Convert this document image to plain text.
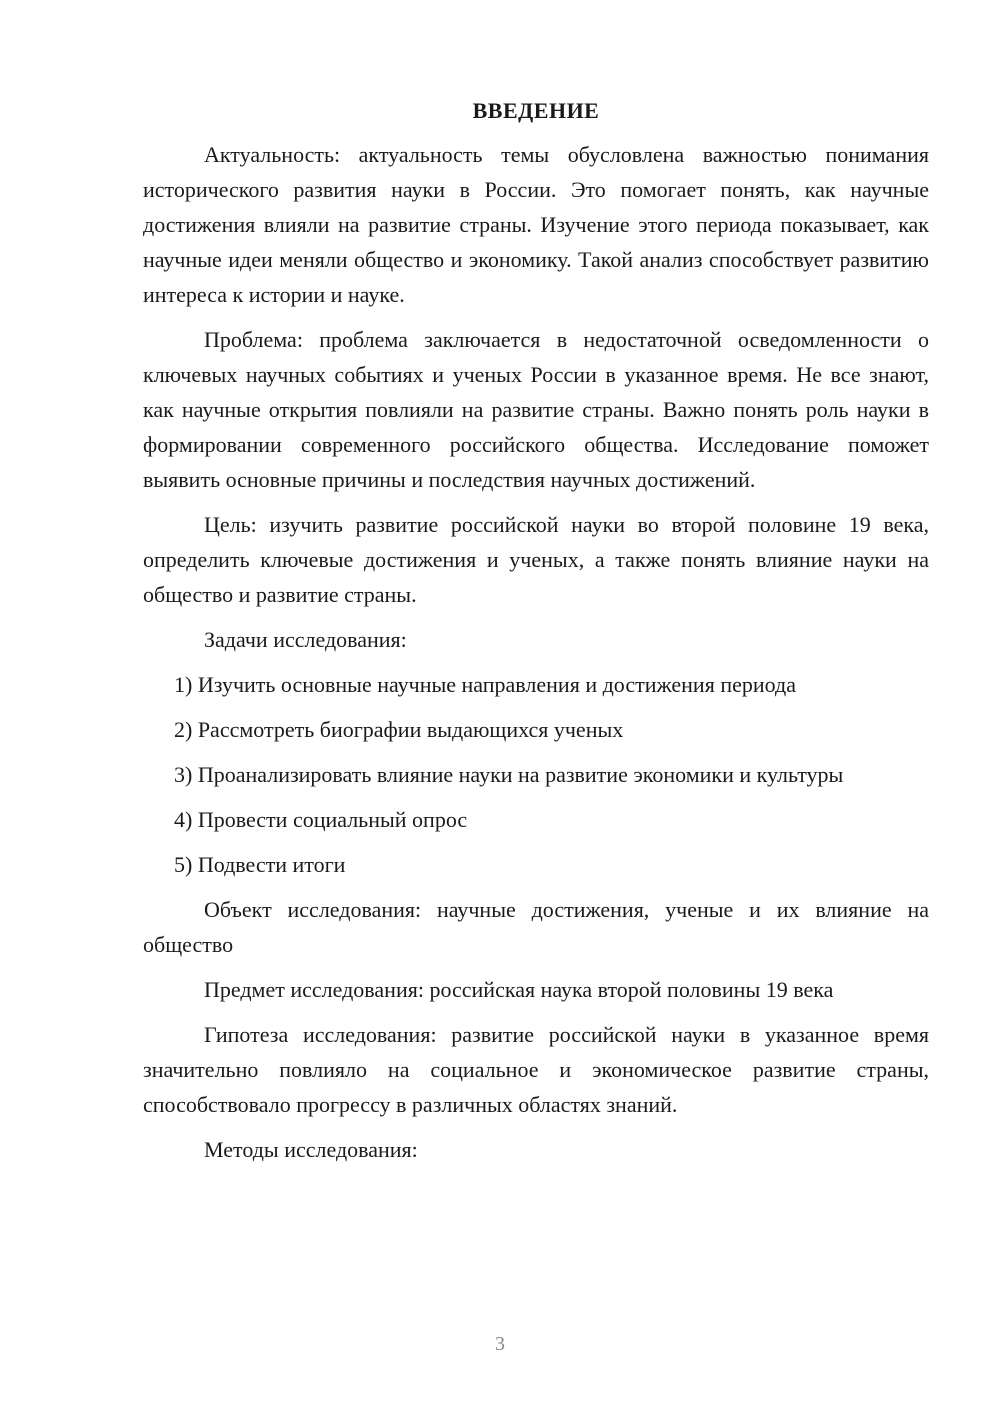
ВВЕДЕНИЕ

Актуальность: актуальность темы обусловлена важностью понимания исторического развития науки в России. Это помогает понять, как научные достижения влияли на развитие страны. Изучение этого периода показывает, как научные идеи меняли общество и экономику. Такой анализ способствует развитию интереса к истории и науке.

Проблема: проблема заключается в недостаточной осведомленности о ключевых научных событиях и ученых России в указанное время. Не все знают, как научные открытия повлияли на развитие страны. Важно понять роль науки в формировании современного российского общества. Исследование поможет выявить основные причины и последствия научных достижений.

Цель: изучить развитие российской науки во второй половине 19 века, определить ключевые достижения и ученых, а также понять влияние науки на общество и развитие страны.

Задачи исследования:

1) Изучить основные научные направления и достижения периода

2) Рассмотреть биографии выдающихся ученых

3) Проанализировать влияние науки на развитие экономики и культуры

4) Провести социальный опрос

5) Подвести итоги

Объект исследования: научные достижения, ученые и их влияние на общество

Предмет исследования: российская наука второй половины 19 века

Гипотеза исследования: развитие российской науки в указанное время значительно повлияло на социальное и экономическое развитие страны, способствовало прогрессу в различных областях знаний.

Методы исследования:

3
